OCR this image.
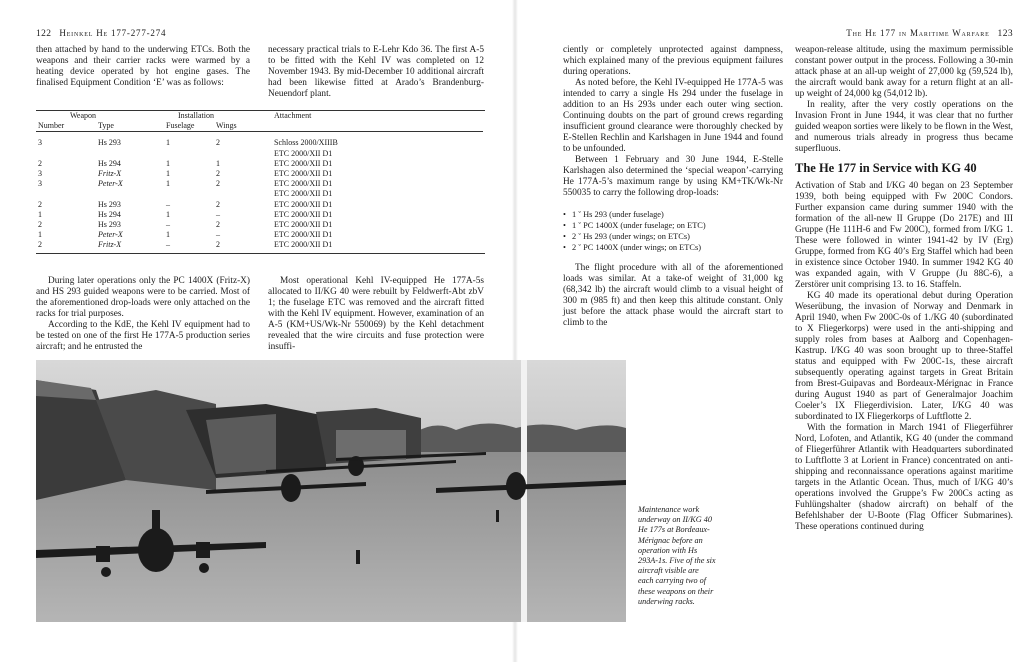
122 Heinkel He 177-277-274

then attached by hand to the underwing ETCs. Both the weapons and their carrier racks were warmed by a heating device operated by hot engine gases. The finalised Equipment Condition ‘E’ was as follows:

necessary practical trials to E-Lehr Kdo 36. The first A-5 to be fitted with the Kehl IV was completed on 12 November 1943. By mid-December 10 additional aircraft had been likewise fitted at Arado’s Brandenburg-Neuendorf plant.

Weapon		Installation		Attachment
Number	Type	Fuselage	Wings	

3	Hs 293	1	2	Schloss 2000/XIIIB
				ETC 2000/XII D1
2	Hs 294	1	1	ETC 2000/XII D1
3	Fritz-X	1	2	ETC 2000/XII D1
3	Peter-X	1	2	ETC 2000/XII D1
				ETC 2000/XII D1
2	Hs 293	–	2	ETC 2000/XII D1
1	Hs 294	1	–	ETC 2000/XII D1
2	Hs 293	–	2	ETC 2000/XII D1
1	Peter-X	1	–	ETC 2000/XII D1
2	Fritz-X	–	2	ETC 2000/XII D1

During later operations only the PC 1400X (Fritz-X) and HS 293 guided weapons were to be carried. Most of the aforementioned drop-loads were only attached on the racks for trial purposes.

According to the KdE, the Kehl IV equipment had to be tested on one of the first He 177A-5 production series aircraft; and he entrusted the

Most operational Kehl IV-equipped He 177A-5s allocated to II/KG 40 were rebuilt by Feldwerft-Abt zbV 1; the fuselage ETC was removed and the aircraft fitted with the Kehl IV equipment. However, examination of an A-5 (KM+US/Wk-Nr 550069) by the Kehl detachment revealed that the wire circuits and fuse protection were insuffi-

The He 177 in Maritime Warfare 123

ciently or completely unprotected against dampness, which explained many of the previous equipment failures during operations.

As noted before, the Kehl IV-equipped He 177A-5 was intended to carry a single Hs 294 under the fuselage in addition to an Hs 293s under each outer wing section. Continuing doubts on the part of ground crews regarding insufficient ground clearance were thoroughly checked by E-Stellen Rechlin and Karlshagen in June 1944 and found to be unfounded.

Between 1 February and 30 June 1944, E-Stelle Karlshagen also determined the ‘special weapon’-carrying He 177A-5’s maximum range by using KM+TK/Wk-Nr 550035 to carry the following drop-loads:

• 1 ˇ Hs 293 (under fuselage)
• 1 ˇ PC 1400X (under fuselage; on ETC)
• 2 ˇ Hs 293 (under wings; on ETCs)
• 2 ˇ PC 1400X (under wings; on ETCs)

The flight procedure with all of the aforementioned loads was similar. At a take-of weight of 31,000 kg (68,342 lb) the aircraft would climb to a visual height of 300 m (985 ft) and then keep this altitude constant. Only just before the attack phase would the aircraft start to climb to the

weapon-release altitude, using the maximum permissible constant power output in the process. Following a 30-min attack phase at an all-up weight of 27,000 kg (59,524 lb), the aircraft would bank away for a return flight at an all-up weight of 24,000 kg (54,012 lb).

In reality, after the very costly operations on the Invasion Front in June 1944, it was clear that no further guided weapon sorties were likely to be flown in the West, and numerous trials already in progress thus became superfluous.

The He 177 in Service with KG 40

Activation of Stab and I/KG 40 began on 23 September 1939, both being equipped with Fw 200C Condors. Further expansion came during summer 1940 with the formation of the all-new II Gruppe (Do 217E) and III Gruppe (He 111H-6 and Fw 200C), formed from I/KG 1. These were followed in winter 1941-42 by IV (Erg) Gruppe, formed from KG 40’s Erg Staffel which had been in existence since October 1940. In summer 1942 KG 40 was expanded again, with V Gruppe (Ju 88C-6), a Zerstörer unit comprising 13. to 16. Staffeln.

KG 40 made its operational debut during Operation Weserübung, the invasion of Norway and Denmark in April 1940, when Fw 200C-0s of 1./KG 40 (subordinated to X Fliegerkorps) were used in the anti-shipping and supply roles from bases at Aalborg and Copenhagen-Kastrup. I/KG 40 was soon brought up to three-Staffel status and equipped with Fw 200C-1s, these aircraft subsequently operating against targets in Great Britain from Brest-Guipavas and Bordeaux-Mérignac in France during August 1940 as part of Generalmajor Joachim Coeler’s IX Fliegerdivision. Later, I/KG 40 was subordinated to IX Fliegerkorps of Luftflotte 2.

With the formation in March 1941 of Fliegerführer Nord, Lofoten, and Atlantik, KG 40 (under the command of Fliegerführer Atlantik with Headquarters subordinated to Luftflotte 3 at Lorient in France) concentrated on anti-shipping and reconnaissance operations against maritime targets in the Atlantic Ocean. Thus, much of I/KG 40’s operations involved the Gruppe’s Fw 200Cs acting as Fuhlüngshalter (shadow aircraft) on behalf of the Befehlshaber der U-Boote (Flag Officer Submarines). These operations continued during

Maintenance work underway on II/KG 40 He 177s at Bordeaux-Mérignac before an operation with Hs 293A-1s. Five of the six aircraft visible are each carrying two of these weapons on their underwing racks.
